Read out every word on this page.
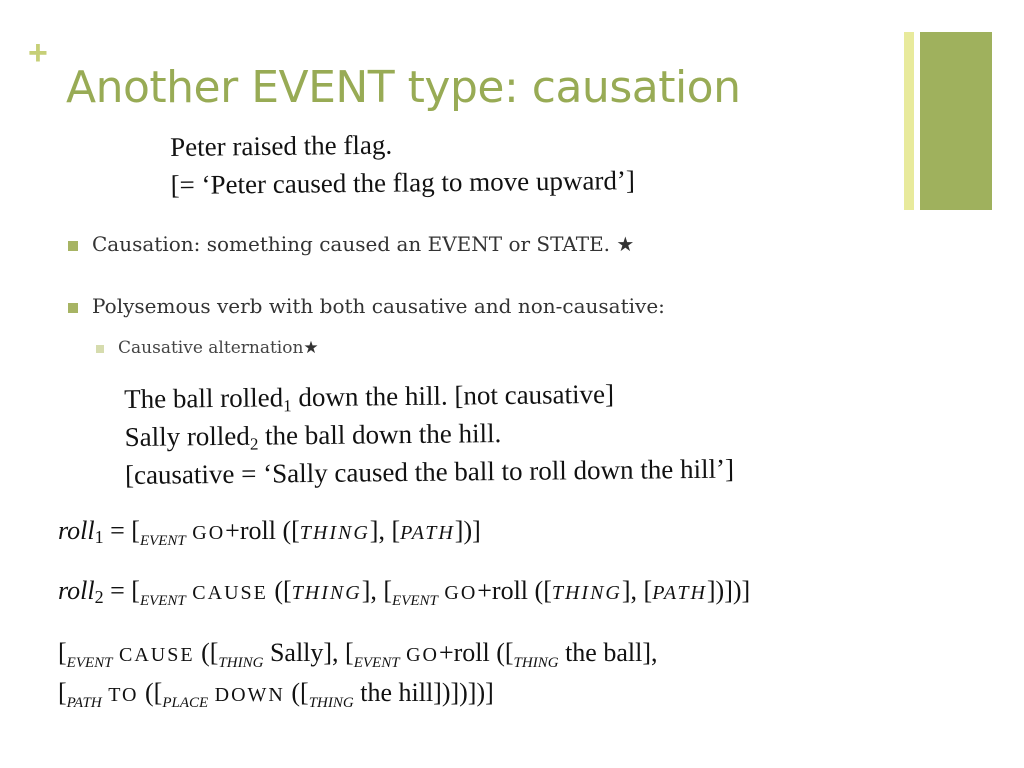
+
Another EVENT type: causation
Peter raised the flag.
[= ‘Peter caused the flag to move upward’]
Causation: something caused an EVENT or STATE. ★
Polysemous verb with both causative and non-causative:
Causative alternation★
The ball rolled$_1$ down the hill. [not causative]
Sally rolled$_2$ the ball down the hill.
[causative = ‘Sally caused the ball to roll down the hill’]
roll1 = [$_{EVENT}$ GO+roll ([THING], [PATH])]
roll2 = [$_{EVENT}$ CAUSE ([THING], [$_{EVENT}$ GO+roll ([THING], [PATH])])]
[$_{EVENT}$ CAUSE ([$_{THING}$ Sally], [$_{EVENT}$ GO+roll ([$_{THING}$ the ball],
[$_{PATH}$ TO ([$_{PLACE}$ DOWN ([$_{THING}$ the hill])])])]
